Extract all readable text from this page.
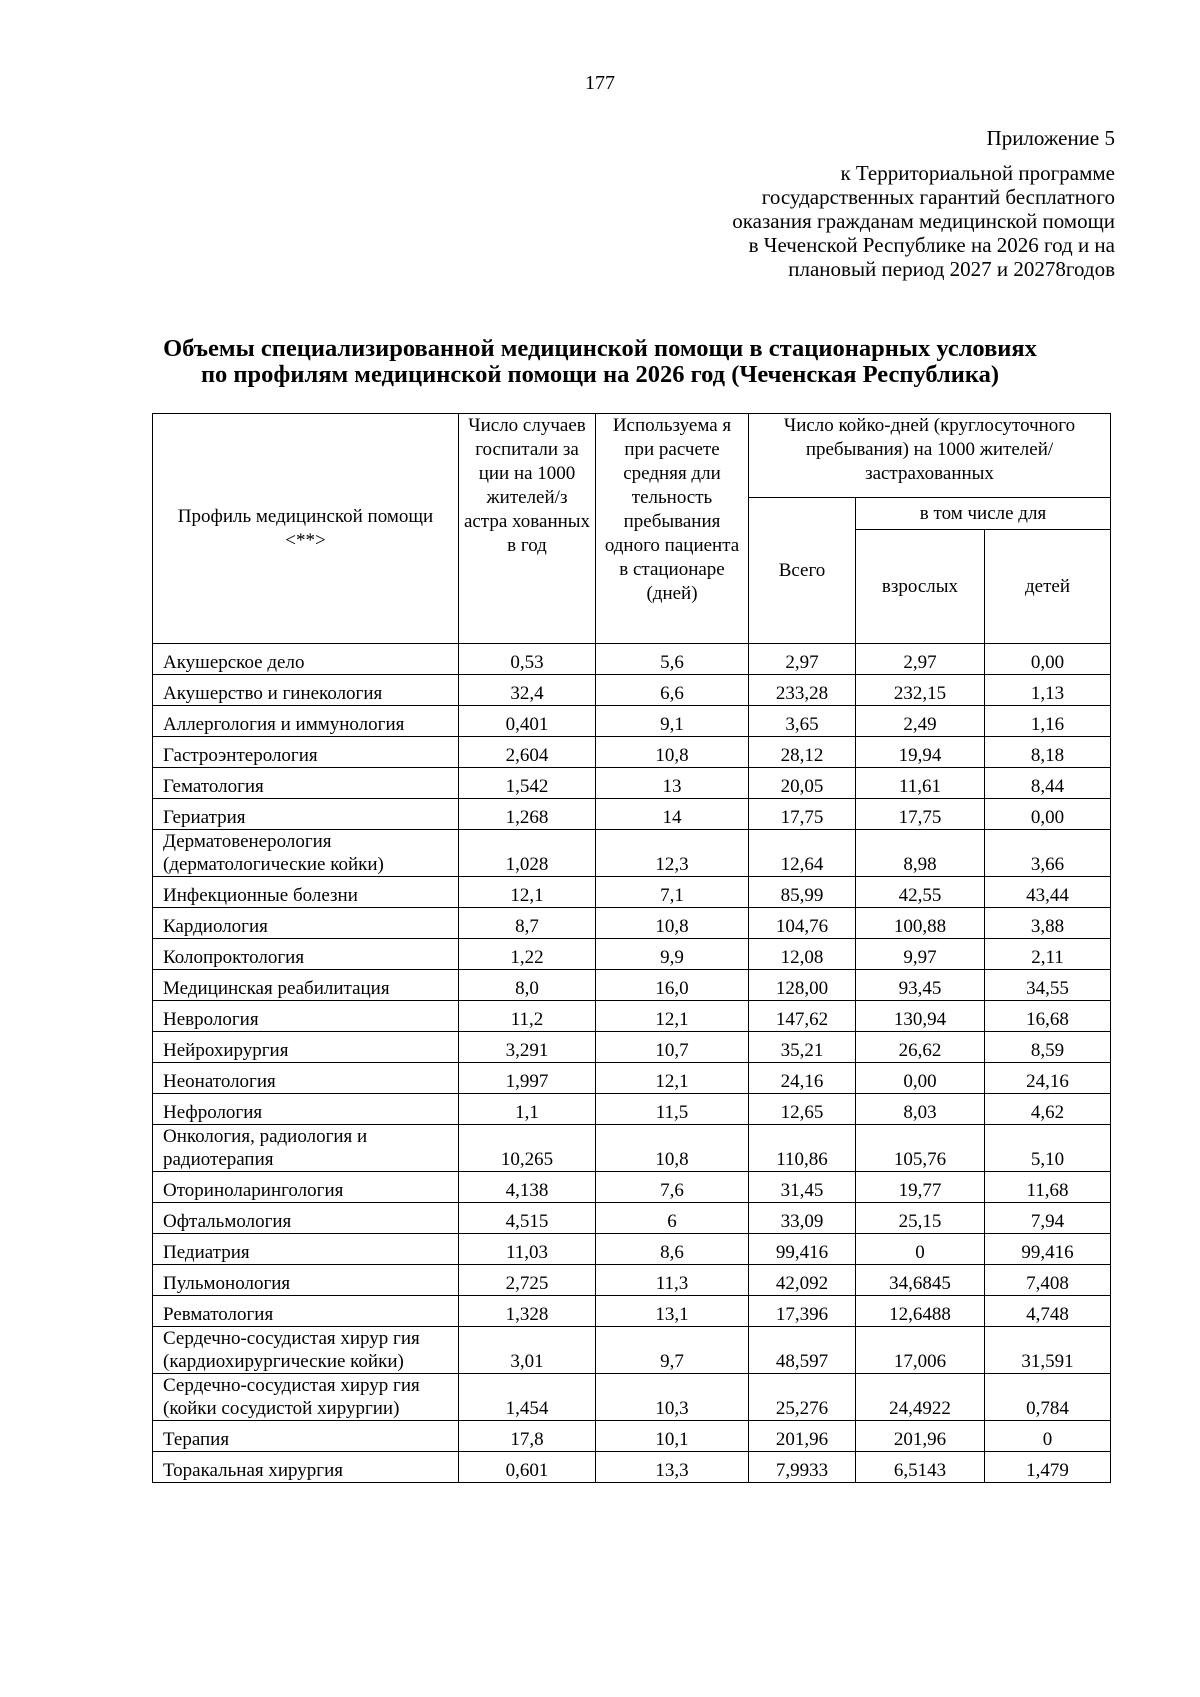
177
Приложение 5
к Территориальной программе
государственных гарантий бесплатного
оказания гражданам медицинской помощи
в Чеченской Республике на 2026 год и на
плановый период 2027 и 20278годов
Объемы специализированной медицинской помощи в стационарных условиях
по профилям медицинской помощи на 2026 год (Чеченская Республика)
Профиль медицинской помощи <**>	Число случаев госпитали за ции на 1000 жителей/з астра хованных в год	Используема я при расчете средняя дли тельность пребывания одного пациента в стационаре (дней)	Число койко-дней (круглосуточного пребывания) на 1000 жителей/застрахованных		
			Всего	в том числе для	
				взрослых	детей
Акушерское дело	0,53	5,6	2,97	2,97	0,00
Акушерство и гинекология	32,4	6,6	233,28	232,15	1,13
Аллергология и иммунология	0,401	9,1	3,65	2,49	1,16
Гастроэнтерология	2,604	10,8	28,12	19,94	8,18
Гематология	1,542	13	20,05	11,61	8,44
Гериатрия	1,268	14	17,75	17,75	0,00
Дерматовенерология (дерматологические койки)	1,028	12,3	12,64	8,98	3,66
Инфекционные болезни	12,1	7,1	85,99	42,55	43,44
Кардиология	8,7	10,8	104,76	100,88	3,88
Колопроктология	1,22	9,9	12,08	9,97	2,11
Медицинская реабилитация	8,0	16,0	128,00	93,45	34,55
Неврология	11,2	12,1	147,62	130,94	16,68
Нейрохирургия	3,291	10,7	35,21	26,62	8,59
Неонатология	1,997	12,1	24,16	0,00	24,16
Нефрология	1,1	11,5	12,65	8,03	4,62
Онкология, радиология и радиотерапия	10,265	10,8	110,86	105,76	5,10
Оториноларингология	4,138	7,6	31,45	19,77	11,68
Офтальмология	4,515	6	33,09	25,15	7,94
Педиатрия	11,03	8,6	99,416	0	99,416
Пульмонология	2,725	11,3	42,092	34,6845	7,408
Ревматология	1,328	13,1	17,396	12,6488	4,748
Сердечно-сосудистая хирур гия (кардиохирургические койки)	3,01	9,7	48,597	17,006	31,591
Сердечно-сосудистая хирур гия (койки сосудистой хирургии)	1,454	10,3	25,276	24,4922	0,784
Терапия	17,8	10,1	201,96	201,96	0
Торакальная хирургия	0,601	13,3	7,9933	6,5143	1,479
